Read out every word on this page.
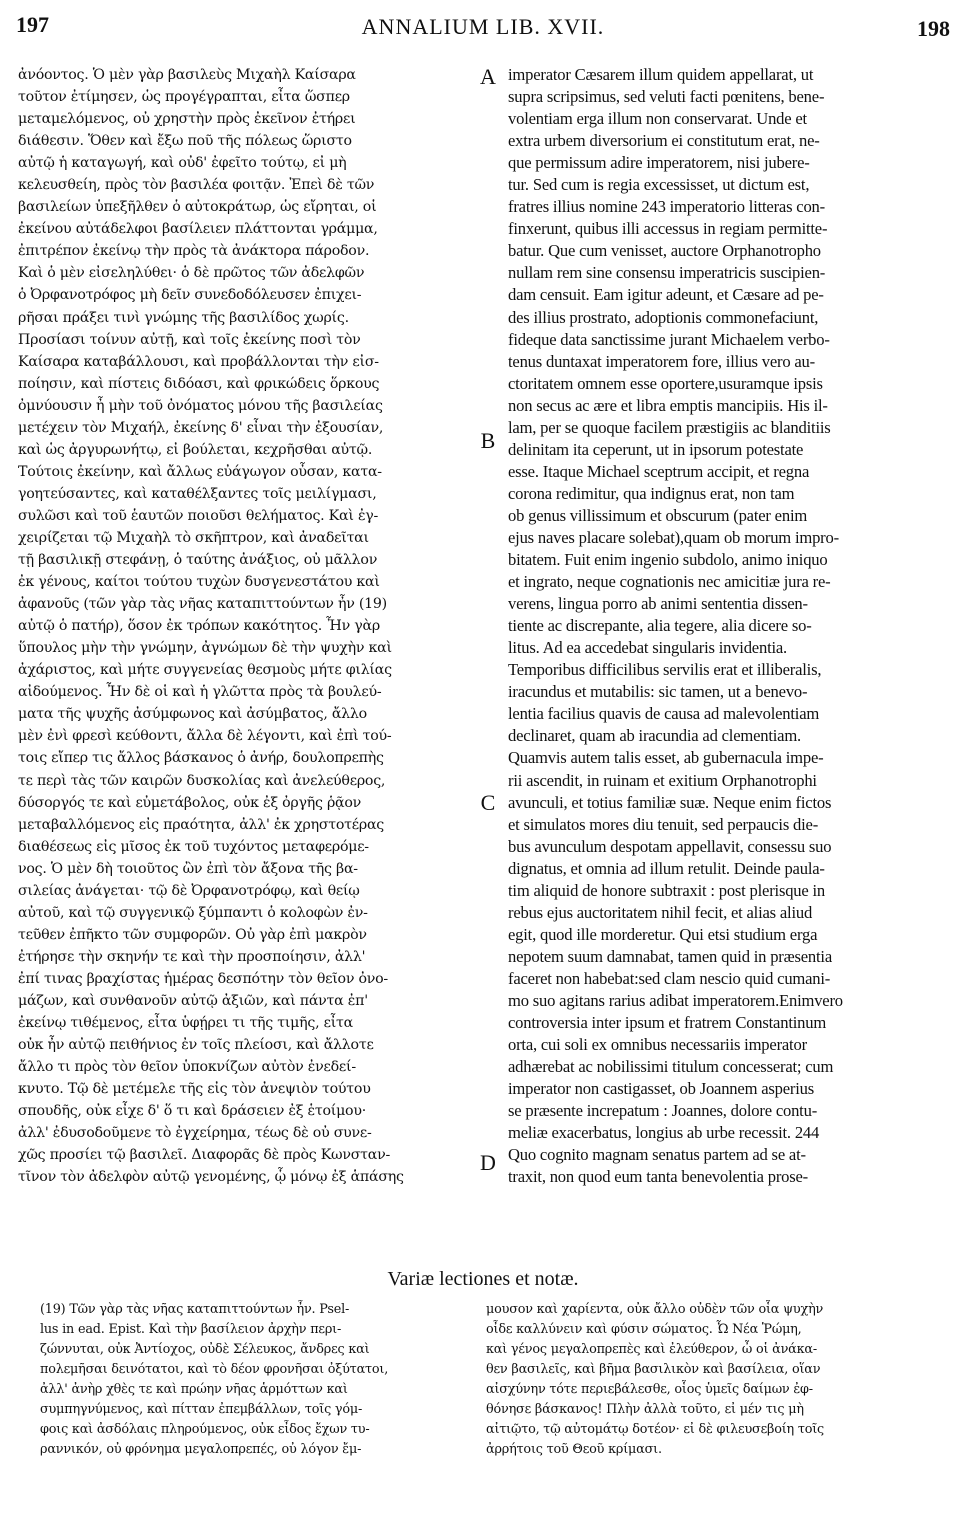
197	ANNALIUM LIB. XVII.	198
ἀνόοντος. Ὁ μὲν γὰρ βασιλεὺς Μιχαὴλ Καίσαρα
τοῦτον ἐτίμησεν, ὡς προγέγραπται, εἶτα ὥσπερ
μεταμελόμενος, οὐ χρηστὴν πρὸς ἐκεῖνον ἐτήρει
διάθεσιν. Ὅθεν καὶ ἔξω ποῦ τῆς πόλεως ὥριστο
αὐτῷ ἡ καταγωγή, καὶ οὐδ' ἐφεῖτο τούτῳ, εἰ μὴ
κελευσθείη, πρὸς τὸν βασιλέα φοιτᾷν. Ἐπεὶ δὲ τῶν
βασιλείων ὑπεξῆλθεν ὁ αὐτοκράτωρ, ὡς εἴρηται, οἱ
ἐκείνου αὐτάδελφοι βασίλειεν πλάττονται γράμμα,
ἐπιτρέπον ἐκείνῳ τὴν πρὸς τὰ ἀνάκτορα πάροδον.
Καὶ ὁ μὲν εἰσεληλύθει· ὁ δὲ πρῶτος τῶν ἀδελφῶν
ὁ Ὀρφανοτρόφος μὴ δεῖν συνεδοδόλευσεν ἐπιχει-
ρῆσαι πράξει τινὶ γνώμης τῆς βασιλίδος χωρίς.
Προσίασι τοίνυν αὐτῇ, καὶ τοῖς ἐκείνης ποσὶ τὸν
Καίσαρα καταβάλλουσι, καὶ προβάλλονται τὴν εἰσ-
ποίησιν, καὶ πίστεις διδόασι, καὶ φρικώδεις ὅρκους
ὀμνύουσιν ἦ μὴν τοῦ ὀνόματος μόνου τῆς βασιλείας
μετέχειν τὸν Μιχαήλ, ἐκείνης δ' εἶναι τὴν ἐξουσίαν,
καὶ ὡς ἀργυρωνήτῳ, εἰ βούλεται, κεχρῆσθαι αὐτῷ.
Τούτοις ἐκείνην, καὶ ἄλλως εὐάγωγον οὖσαν, κατα-
γοητεύσαντες, καὶ καταθέλξαντες τοῖς μειλίγμασι,
συλῶσι καὶ τοῦ ἑαυτῶν ποιοῦσι θελήματος. Καὶ ἐγ-
χειρίζεται τῷ Μιχαὴλ τὸ σκῆπτρον, καὶ ἀναδεῖται
τῇ βασιλικῇ στεφάνῃ, ὁ ταύτης ἀνάξιος, οὐ μᾶλλον
ἐκ γένους, καίτοι τούτου τυχὼν δυσγενεστάτου καὶ
ἀφανοῦς (τῶν γὰρ τὰς νῆας καταπιττούντων ἦν (19)
αὐτῷ ὁ πατήρ), ὅσον ἐκ τρόπων κακότητος. Ἦν γὰρ
ὕπουλος μὴν τὴν γνώμην, ἀγνώμων δὲ τὴν ψυχὴν καὶ
ἀχάριστος, καὶ μήτε συγγενείας θεσμοὺς μήτε φιλίας
αἰδούμενος. Ἦν δὲ οἱ καὶ ἡ γλῶττα πρὸς τὰ βουλεύ-
ματα τῆς ψυχῆς ἀσύμφωνος καὶ ἀσύμβατος, ἄλλο
μὲν ἐνὶ φρεσὶ κεύθοντι, ἄλλα δὲ λέγοντι, καὶ ἐπὶ τού-
τοις εἴπερ τις ἄλλος βάσκανος ὁ ἀνήρ, δουλοπρεπὴς
τε περὶ τὰς τῶν καιρῶν δυσκολίας καὶ ἀνελεύθερος,
δύσοργός τε καὶ εὐμετάβολος, οὐκ ἐξ ὀργῆς ῥᾷον
μεταβαλλόμενος εἰς πραότητα, ἀλλ' ἐκ χρηστοτέρας
διαθέσεως εἰς μῖσος ἐκ τοῦ τυχόντος μεταφερόμε-
νος. Ὁ μὲν δὴ τοιοῦτος ὢν ἐπὶ τὸν ἄξονα τῆς βα-
σιλείας ἀνάγεται· τῷ δὲ Ὀρφανοτρόφῳ, καὶ θείῳ
αὐτοῦ, καὶ τῷ συγγενικῷ ξύμπαντι ὁ κολοφὼν ἐν-
τεῦθεν ἐπῆκτο τῶν συμφορῶν. Οὐ γὰρ ἐπὶ μακρὸν
ἐτήρησε τὴν σκηνήν τε καὶ τὴν προσποίησιν, ἀλλ'
ἐπί τινας βραχίστας ἡμέρας δεσπότην τὸν θεῖον ὀνο-
μάζων, καὶ συνθανοῦν αὐτῷ ἀξιῶν, καὶ πάντα ἐπ'
ἐκείνῳ τιθέμενος, εἶτα ὑφῄρει τι τῆς τιμῆς, εἶτα
οὐκ ἦν αὐτῷ πειθήνιος ἐν τοῖς πλείοσι, καὶ ἄλλοτε
ἄλλο τι πρὸς τὸν θεῖον ὑποκνίζων αὐτὸν ἐνεδεί-
κνυτο. Τῷ δὲ μετέμελε τῆς εἰς τὸν ἀνεψιὸν τούτου
σπουδῆς, οὐκ εἶχε δ' ὅ τι καὶ δράσειεν ἐξ ἑτοίμου·
ἀλλ' ἐδυσοδοῦμενε τὸ ἐγχείρημα, τέως δὲ οὐ συνε-
χῶς προσίει τῷ βασιλεῖ. Διαφορᾶς δὲ πρὸς Κωνσταν-
τῖνον τὸν ἀδελφὸν αὐτῷ γενομένης, ᾧ μόνῳ ἐξ ἁπάσης
imperator Cæsarem illum quidem appellarat, ut
supra scripsimus, sed veluti facti pœnitens, bene-
volentiam erga illum non conservarat. Unde et
extra urbem diversorium ei constitutum erat, ne-
que permissum adire imperatorem, nisi jubere-
tur. Sed cum is regia excessisset, ut dictum est,
fratres illius nomine 243 imperatorio litteras con-
finxerunt, quibus illi accessus in regiam permitte-
batur. Que cum venisset, auctore Orphanotropho
nullam rem sine consensu imperatricis suscipien-
dam censuit. Eam igitur adeunt, et Cæsare ad pe-
des illius prostrato, adoptionis commonefaciunt,
fideque data sanctissime jurant Michaelem verbo-
tenus duntaxat imperatorem fore, illius vero au-
ctoritatem omnem esse oportere,usuramque ipsis
non secus ac ære et libra emptis mancipiis. His il-
lam, per se quoque facilem præstigiis ac blanditiis
delinitam ita ceperunt, ut in ipsorum potestate
esse. Itaque Michael sceptrum accipit, et regna
corona redimitur, qua indignus erat, non tam
ob genus villissimum et obscurum (pater enim
ejus naves placare solebat),quam ob morum impro-
bitatem. Fuit enim ingenio subdolo, animo iniquo
et ingrato, neque cognationis nec amicitiæ jura re-
verens, lingua porro ab animi sententia dissen-
tiente ac discrepante, alia tegere, alia dicere so-
litus. Ad ea accedebat singularis invidentia.
Temporibus difficilibus servilis erat et illiberalis,
iracundus et mutabilis: sic tamen, ut a benevo-
lentia facilius quavis de causa ad malevolentiam
declinaret, quam ab iracundia ad clementiam.
Quamvis autem talis esset, ab gubernacula impe-
rii ascendit, in ruinam et exitium Orphanotrophi
avunculi, et totius familiæ suæ. Neque enim fictos
et simulatos mores diu tenuit, sed perpaucis die-
bus avunculum despotam appellavit, consessu suo
dignatus, et omnia ad illum retulit. Deinde paula-
tim aliquid de honore subtraxit : post plerisque in
rebus ejus auctoritatem nihil fecit, et alias aliud
egit, quod ille morderetur. Qui etsi studium erga
nepotem suum damnabat, tamen quid in præsentia
faceret non habebat:sed clam nescio quid cumani-
mo suo agitans rarius adibat imperatorem.Enimvero
controversia inter ipsum et fratrem Constantinum
orta, cui soli ex omnibus necessariis imperator
adhærebat ac nobilissimi titulum concesserat; cum
imperator non castigasset, ob Joannem asperius
se præsente increpatum : Joannes, dolore contu-
meliæ exacerbatus, longius ab urbe recessit. 244
Quo cognito magnam senatus partem ad se at-
traxit, non quod eum tanta benevolentia prose-
A
B
C
D
Variæ lectiones et notæ.
(19) Τῶν γὰρ τὰς νῆας καταπιττούντων ἦν. Psel-
lus in ead. Epist. Καὶ τὴν βασίλειον ἀρχὴν περι-
ζώννυται, οὐκ Ἀντίοχος, οὐδὲ Σέλευκος, ἄνδρες καὶ
πολεμῆσαι δεινότατοι, καὶ τὸ δέον φρονῆσαι ὀξύτατοι,
ἀλλ' ἀνὴρ χθὲς τε καὶ πρώην νῆας ἁρμόττων καὶ
συμπηγνύμενος, καὶ πίτταν ἐπεμβάλλων, τοῖς γόμ-
φοις καὶ ἀσδόλαις πληρούμενος, οὐκ εἶδος ἔχων τυ-
ραννικόν, οὐ φρόνημα μεγαλοπρεπές, οὐ λόγον ἔμ-
μουσον καὶ χαρίεντα, οὐκ ἄλλο οὐδὲν τῶν οἷα ψυχὴν
οἶδε καλλύνειν καὶ φύσιν σώματος. Ὦ Νέα Ῥώμη,
καὶ γένος μεγαλοπρεπὲς καὶ ἐλεύθερον, ὦ οἱ ἀνάκα-
θεν βασιλεῖς, καὶ βῆμα βασιλικὸν καὶ βασίλεια, οἵαν
αἰσχύνην τότε περιεβάλεσθε, οἷος ὑμεῖς δαίμων ἐφ-
θόνησε βάσκανος! Πλὴν ἀλλὰ τοῦτο, εἰ μέν τις μὴ
αἰτιῷτο, τῷ αὐτομάτῳ δοτέον· εἰ δὲ φιλευσεβοίη τοῖς
ἀρρήτοις τοῦ Θεοῦ κρίμασι.
